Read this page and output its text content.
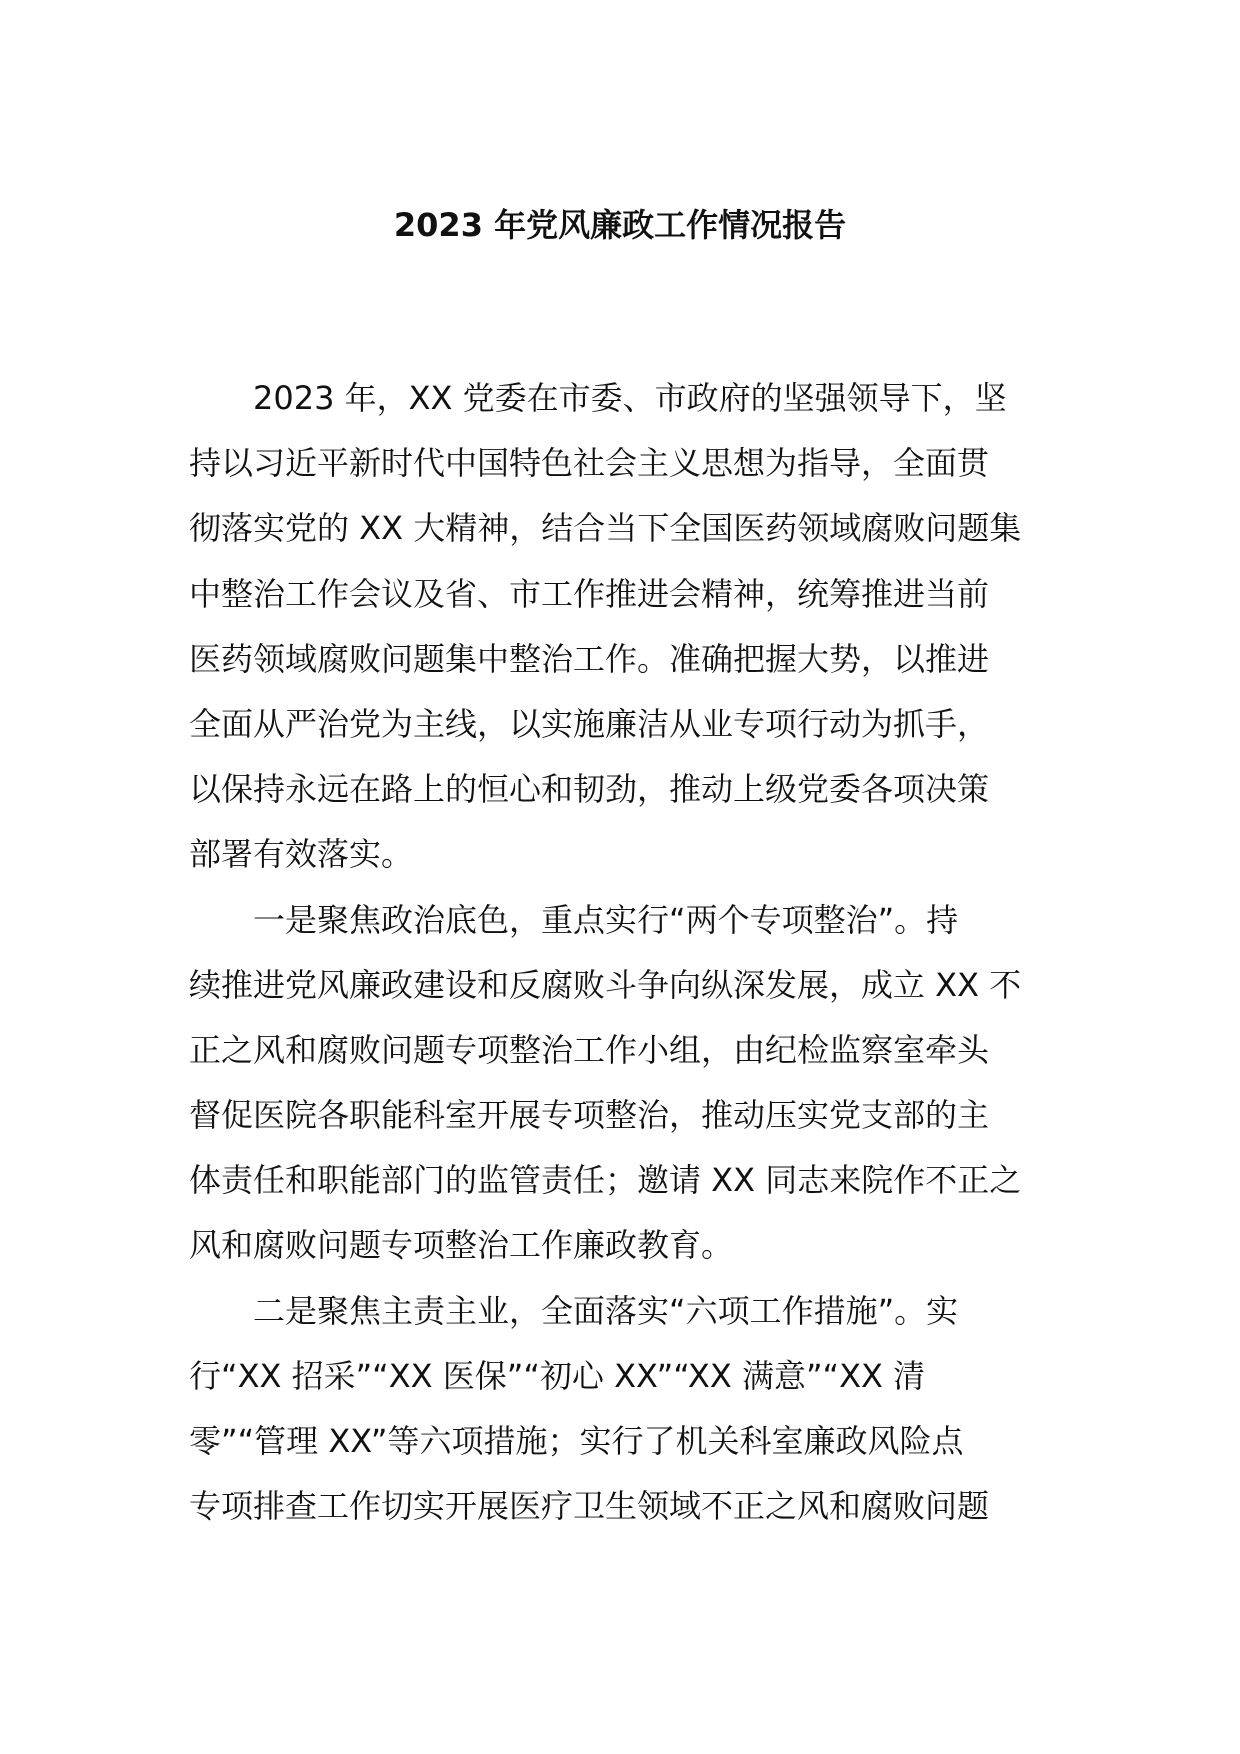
2023 年党风廉政工作情况报告
2023 年，XX 党委在市委、市政府的坚强领导下，坚
持以习近平新时代中国特色社会主义思想为指导，全面贯
彻落实党的 XX 大精神，结合当下全国医药领域腐败问题集
中整治工作会议及省、市工作推进会精神，统筹推进当前
医药领域腐败问题集中整治工作。准确把握大势，以推进
全面从严治党为主线，以实施廉洁从业专项行动为抓手，
以保持永远在路上的恒心和韧劲，推动上级党委各项决策
部署有效落实。
一是聚焦政治底色，重点实行“两个专项整治”。持
续推进党风廉政建设和反腐败斗争向纵深发展，成立 XX 不
正之风和腐败问题专项整治工作小组，由纪检监察室牵头
督促医院各职能科室开展专项整治，推动压实党支部的主
体责任和职能部门的监管责任；邀请 XX 同志来院作不正之
风和腐败问题专项整治工作廉政教育。
二是聚焦主责主业，全面落实“六项工作措施”。实
行“XX 招采”“XX 医保”“初心 XX”“XX 满意”“XX 清
零”“管理 XX”等六项措施；实行了机关科室廉政风险点
专项排查工作切实开展医疗卫生领域不正之风和腐败问题
